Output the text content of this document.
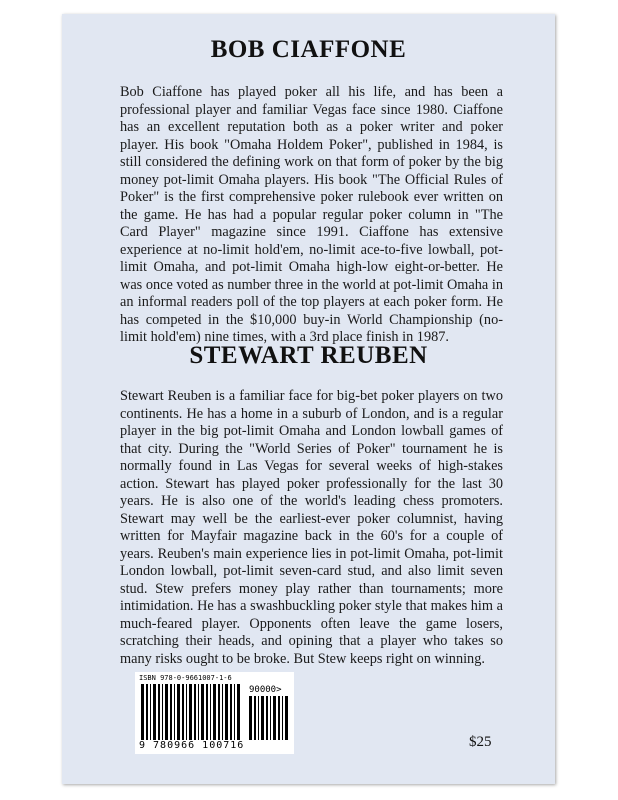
BOB CIAFFONE

Bob Ciaffone has played poker all his life, and has been a professional player and familiar Vegas face since 1980. Ciaffone has an excellent reputation both as a poker writer and poker player. His book "Omaha Holdem Poker", published in 1984, is still considered the defining work on that form of poker by the big money pot-limit Omaha players. His book "The Official Rules of Poker" is the first comprehensive poker rulebook ever written on the game. He has had a popular regular poker column in "The Card Player" magazine since 1991. Ciaffone has extensive experience at no-limit hold'em, no-limit ace-to-five lowball, pot-limit Omaha, and pot-limit Omaha high-low eight-or-better. He was once voted as number three in the world at pot-limit Omaha in an informal readers poll of the top players at each poker form. He has competed in the $10,000 buy-in World Championship (no-limit hold'em) nine times, with a 3rd place finish in 1987.

STEWART REUBEN

Stewart Reuben is a familiar face for big-bet poker players on two continents. He has a home in a suburb of London, and is a regular player in the big pot-limit Omaha and London lowball games of that city. During the "World Series of Poker" tournament he is normally found in Las Vegas for several weeks of high-stakes action. Stewart has played poker professionally for the last 30 years. He is also one of the world's leading chess promoters. Stewart may well be the earliest-ever poker columnist, having written for Mayfair magazine back in the 60's for a couple of years. Reuben's main experience lies in pot-limit Omaha, pot-limit London lowball, pot-limit seven-card stud, and also limit seven stud. Stew prefers money play rather than tournaments; more intimidation. He has a swashbuckling poker style that makes him a much-feared player. Opponents often leave the game losers, scratching their heads, and opining that a player who takes so many risks ought to be broke. But Stew keeps right on winning.

ISBN 978-0-9661007-1-6
90000>
9 780966 100716	$25
